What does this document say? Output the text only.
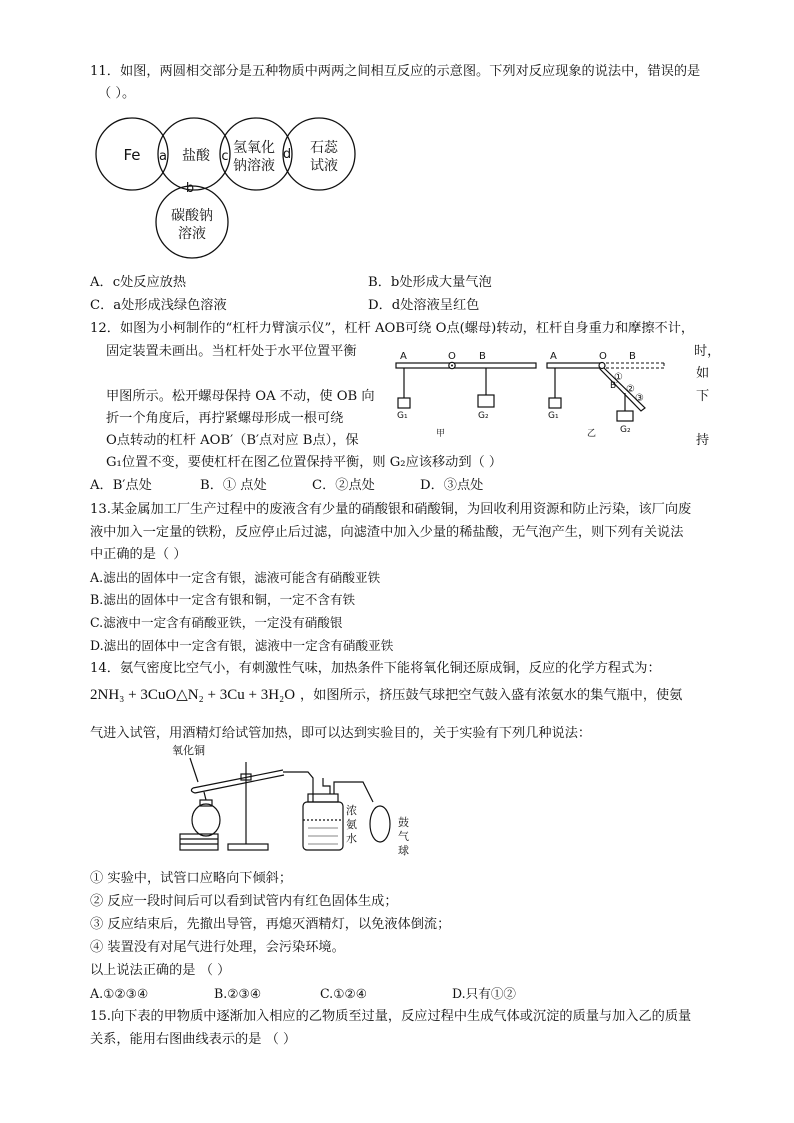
11．如图，两圆相交部分是五种物质中两两之间相互反应的示意图。下列对反应现象的说法中，错误的是
（ ）。
Fe	盐酸 氢氧化
钠溶液
石蕊
试液
碳酸钠
溶液
a
b
c	d
A．c处反应放热	B．b处形成大量气泡
C．a处形成浅绿色溶液	D．d处溶液呈红色
12．如图为小柯制作的“杠杆力臂演示仪”，杠杆 AOB可绕 O点(螺母)转动，杠杆自身重力和摩擦不计，
固定装置未画出。当杠杆处于水平位置平衡	时，
如
甲图所示。松开螺母保持 OA 不动，使 OB 向	下
折一个角度后，再拧紧螺母形成一根可绕
O点转动的杠杆 AOB′（B′点对应 B点），保	持
G₁位置不变，要使杠杆在图乙位置保持平衡，则 G₂应该移动到（ ）
A	O B
G₁	G₂
甲
A	O B
B′
①
②
③
G₁
G₂
乙
A．B′点处	B．① 点处	C．②点处	D．③点处
13.某金属加工厂生产过程中的废液含有少量的硝酸银和硝酸铜，为回收利用资源和防止污染，该厂向废
液中加入一定量的铁粉，反应停止后过滤，向滤渣中加入少量的稀盐酸，无气泡产生，则下列有关说法
中正确的是（ ）
A.滤出的固体中一定含有银，滤液可能含有硝酸亚铁
B.滤出的固体中一定含有银和铜，一定不含有铁
C.滤液中一定含有硝酸亚铁，一定没有硝酸银
D.滤出的固体中一定含有银，滤液中一定含有硝酸亚铁
14．氨气密度比空气小，有刺激性气味，加热条件下能将氧化铜还原成铜，反应的化学方程式为：
2NH₃ + 3CuO△N₂ + 3Cu + 3H₂O ，如图所示，挤压鼓气球把空气鼓入盛有浓氨水的集气瓶中，使氨
气进入试管，用酒精灯给试管加热，即可以达到实验目的，关于实验有下列几种说法：
氧化铜
浓
氨
水
鼓
气
球
① 实验中，试管口应略向下倾斜；
② 反应一段时间后可以看到试管内有红色固体生成；
③ 反应结束后，先撤出导管，再熄灭酒精灯，以免液体倒流；
④ 装置没有对尾气进行处理，会污染环境。
以上说法正确的是 （ ）
A.①②③④	B.②③④	C.①②④	D.只有①②
15.向下表的甲物质中逐渐加入相应的乙物质至过量，反应过程中生成气体或沉淀的质量与加入乙的质量
关系，能用右图曲线表示的是 （ ）
